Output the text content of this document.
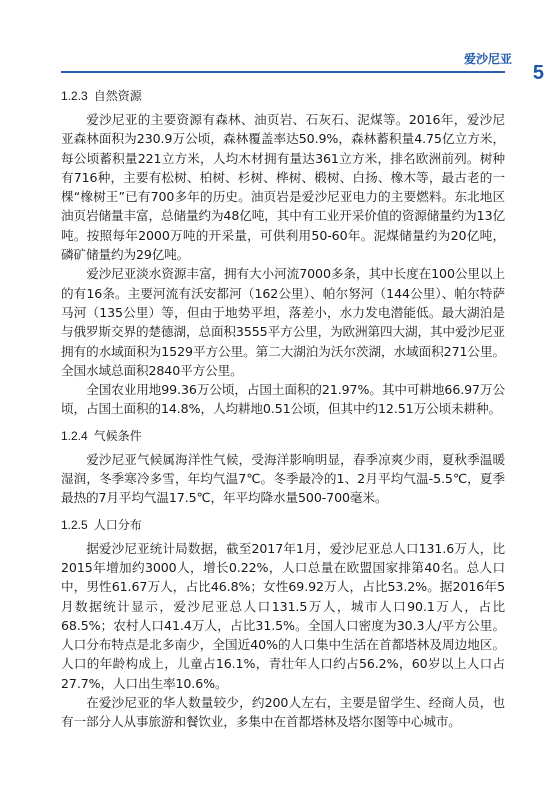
爱沙尼亚
5
1.2.3 自然资源

爱沙尼亚的主要资源有森林、油页岩、石灰石、泥煤等。2016年，爱沙尼亚森林面积为230.9万公顷，森林覆盖率达50.9%，森林蓄积量4.75亿立方米，每公顷蓄积量221立方米，人均木材拥有量达361立方米，排名欧洲前列。树种有716种，主要有松树、柏树、杉树、桦树、椴树、白扬、橡木等，最古老的一棵“橡树王”已有700多年的历史。油页岩是爱沙尼亚电力的主要燃料。东北地区油页岩储量丰富，总储量约为48亿吨，其中有工业开采价值的资源储量约为13亿吨。按照每年2000万吨的开采量，可供利用50-60年。泥煤储量约为20亿吨，磷矿储量约为29亿吨。

爱沙尼亚淡水资源丰富，拥有大小河流7000多条，其中长度在100公里以上的有16条。主要河流有沃安都河（162公里）、帕尔努河（144公里）、帕尔特萨马河（135公里）等，但由于地势平坦，落差小，水力发电潜能低。最大湖泊是与俄罗斯交界的楚德湖，总面积3555平方公里，为欧洲第四大湖，其中爱沙尼亚拥有的水域面积为1529平方公里。第二大湖泊为沃尔茨湖，水域面积271公里。全国水域总面积2840平方公里。

全国农业用地99.36万公顷，占国土面积的21.97%。其中可耕地66.97万公顷，占国土面积的14.8%，人均耕地0.51公顷，但其中约12.51万公顷未耕种。

1.2.4 气候条件

爱沙尼亚气候属海洋性气候，受海洋影响明显，春季凉爽少雨，夏秋季温暖湿润，冬季寒冷多雪，年均气温7℃。冬季最冷的1、2月平均气温-5.5℃，夏季最热的7月平均气温17.5℃，年平均降水量500-700毫米。

1.2.5 人口分布

据爱沙尼亚统计局数据，截至2017年1月，爱沙尼亚总人口131.6万人，比2015年增加约3000人，增长0.22%，人口总量在欧盟国家排第40名。总人口中，男性61.67万人，占比46.8%；女性69.92万人，占比53.2%。据2016年5月数据统计显示，爱沙尼亚总人口131.5万人，城市人口90.1万人，占比68.5%；农村人口41.4万人，占比31.5%。全国人口密度为30.3人/平方公里。人口分布特点是北多南少，全国近40%的人口集中生活在首都塔林及周边地区。人口的年龄构成上，儿童占16.1%，青壮年人口约占56.2%，60岁以上人口占27.7%，人口出生率10.6%。

在爱沙尼亚的华人数量较少，约200人左右，主要是留学生、经商人员，也有一部分人从事旅游和餐饮业，多集中在首都塔林及塔尔图等中心城市。
